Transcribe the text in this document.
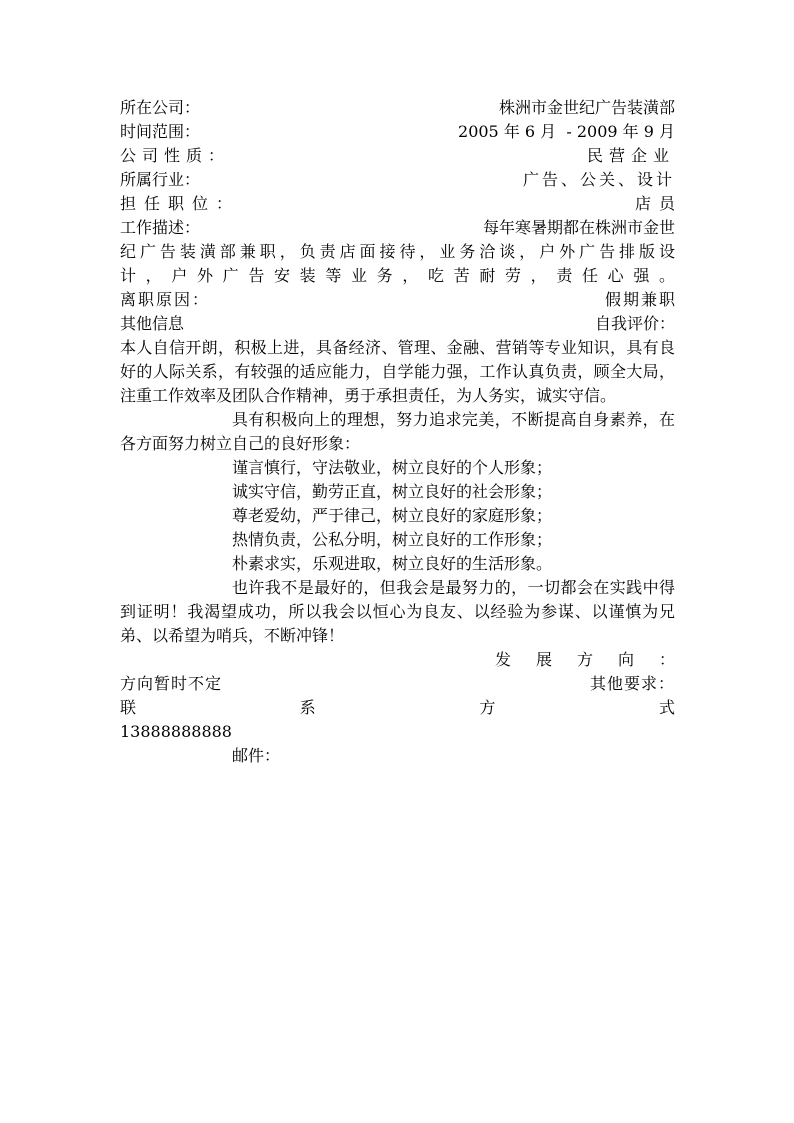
所在公司：	株洲市金世纪广告装潢部
时间范围：	2005 年 6 月  - 2009 年 9 月
公司性质：	民营企业
所属行业：	广告、公关、设计
担任职位：	店员
工作描述：	每年寒暑期都在株洲市金世
纪广告装潢部兼职，负责店面接待，业务洽谈，户外广告排版设
计，户外广告安装等业务，吃苦耐劳，责任心强。
离职原因：	假期兼职
其他信息	自我评价：

本人自信开朗，积极上进，具备经济、管理、金融、营销等专业知识，具有良好的人际关系，有较强的适应能力，自学能力强，工作认真负责，顾全大局，注重工作效率及团队合作精神，勇于承担责任，为人务实，诚实守信。

具有积极向上的理想，努力追求完美，不断提高自身素养，在各方面努力树立自己的良好形象：

谨言慎行，守法敬业，树立良好的个人形象；
诚实守信，勤劳正直，树立良好的社会形象；
尊老爱幼，严于律己，树立良好的家庭形象；
热情负责，公私分明，树立良好的工作形象；
朴素求实，乐观进取，树立良好的生活形象。

也许我不是最好的，但我会是最努力的，一切都会在实践中得到证明！我渴望成功，所以我会以恒心为良友、以经验为参谋、以谨慎为兄弟、以希望为哨兵，不断冲锋！

发 展 方 向 ：
方向暂时不定	其他要求：
联	系	方	式
13888888888
邮件：
